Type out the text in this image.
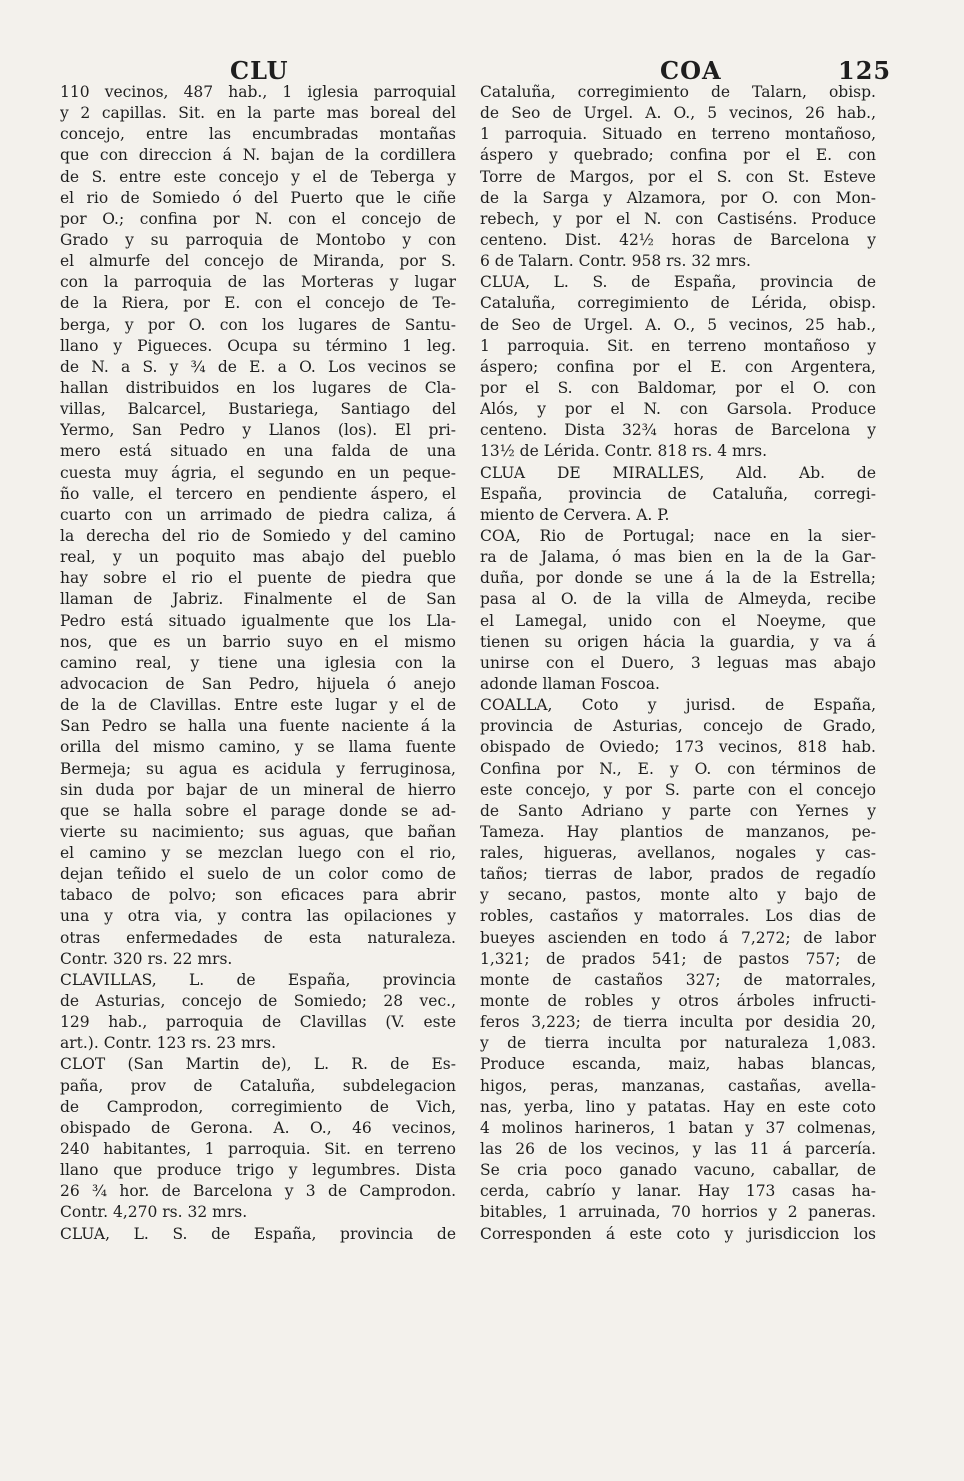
CLU	COA	125
110 vecinos, 487 hab., 1 iglesia parroquial
y 2 capillas. Sit. en la parte mas boreal del
concejo, entre las encumbradas montañas
que con direccion á N. bajan de la cordillera
de S. entre este concejo y el de Teberga y
el rio de Somiedo ó del Puerto que le ciñe
por O.; confina por N. con el concejo de
Grado y su parroquia de Montobo y con
el almurfe del concejo de Miranda, por S.
con la parroquia de las Morteras y lugar
de la Riera, por E. con el concejo de Te-
berga, y por O. con los lugares de Santu-
llano y Pigueces. Ocupa su término 1 leg.
de N. a S. y ¾ de E. a O. Los vecinos se
hallan distribuidos en los lugares de Cla-
villas, Balcarcel, Bustariega, Santiago del
Yermo, San Pedro y Llanos (los). El pri-
mero está situado en una falda de una
cuesta muy ágria, el segundo en un peque-
ño valle, el tercero en pendiente áspero, el
cuarto con un arrimado de piedra caliza, á
la derecha del rio de Somiedo y del camino
real, y un poquito mas abajo del pueblo
hay sobre el rio el puente de piedra que
llaman de Jabriz. Finalmente el de San
Pedro está situado igualmente que los Lla-
nos, que es un barrio suyo en el mismo
camino real, y tiene una iglesia con la
advocacion de San Pedro, hijuela ó anejo
de la de Clavillas. Entre este lugar y el de
San Pedro se halla una fuente naciente á la
orilla del mismo camino, y se llama fuente
Bermeja; su agua es acidula y ferruginosa,
sin duda por bajar de un mineral de hierro
que se halla sobre el parage donde se ad-
vierte su nacimiento; sus aguas, que bañan
el camino y se mezclan luego con el rio,
dejan teñido el suelo de un color como de
tabaco de polvo; son eficaces para abrir
una y otra via, y contra las opilaciones y
otras enfermedades de esta naturaleza.
Contr. 320 rs. 22 mrs.
CLAVILLAS, L. de España, provincia
de Asturias, concejo de Somiedo; 28 vec.,
129 hab., parroquia de Clavillas (V. este
art.). Contr. 123 rs. 23 mrs.
CLOT (San Martin de), L. R. de Es-
paña, prov de Cataluña, subdelegacion
de Camprodon, corregimiento de Vich,
obispado de Gerona. A. O., 46 vecinos,
240 habitantes, 1 parroquia. Sit. en terreno
llano que produce trigo y legumbres. Dista
26 ¾ hor. de Barcelona y 3 de Camprodon.
Contr. 4,270 rs. 32 mrs.
CLUA, L. S. de España, provincia de
Cataluña, corregimiento de Talarn, obisp.
de Seo de Urgel. A. O., 5 vecinos, 26 hab.,
1 parroquia. Situado en terreno montañoso,
áspero y quebrado; confina por el E. con
Torre de Margos, por el S. con St. Esteve
de la Sarga y Alzamora, por O. con Mon-
rebech, y por el N. con Castiséns. Produce
centeno. Dist. 42½ horas de Barcelona y
6 de Talarn. Contr. 958 rs. 32 mrs.
CLUA, L. S. de España, provincia de
Cataluña, corregimiento de Lérida, obisp.
de Seo de Urgel. A. O., 5 vecinos, 25 hab.,
1 parroquia. Sit. en terreno montañoso y
áspero; confina por el E. con Argentera,
por el S. con Baldomar, por el O. con
Alós, y por el N. con Garsola. Produce
centeno. Dista 32¾ horas de Barcelona y
13½ de Lérida. Contr. 818 rs. 4 mrs.
CLUA DE MIRALLES, Ald. Ab. de
España, provincia de Cataluña, corregi-
miento de Cervera. A. P.
COA, Rio de Portugal; nace en la sier-
ra de Jalama, ó mas bien en la de la Gar-
duña, por donde se une á la de la Estrella;
pasa al O. de la villa de Almeyda, recibe
el Lamegal, unido con el Noeyme, que
tienen su origen hácia la guardia, y va á
unirse con el Duero, 3 leguas mas abajo
adonde llaman Foscoa.
COALLA, Coto y jurisd. de España,
provincia de Asturias, concejo de Grado,
obispado de Oviedo; 173 vecinos, 818 hab.
Confina por N., E. y O. con términos de
este concejo, y por S. parte con el concejo
de Santo Adriano y parte con Yernes y
Tameza. Hay plantios de manzanos, pe-
rales, higueras, avellanos, nogales y cas-
taños; tierras de labor, prados de regadío
y secano, pastos, monte alto y bajo de
robles, castaños y matorrales. Los dias de
bueyes ascienden en todo á 7,272; de labor
1,321; de prados 541; de pastos 757; de
monte de castaños 327; de matorrales,
monte de robles y otros árboles infructi-
feros 3,223; de tierra inculta por desidia 20,
y de tierra inculta por naturaleza 1,083.
Produce escanda, maiz, habas blancas,
higos, peras, manzanas, castañas, avella-
nas, yerba, lino y patatas. Hay en este coto
4 molinos harineros, 1 batan y 37 colmenas,
las 26 de los vecinos, y las 11 á parcería.
Se cria poco ganado vacuno, caballar, de
cerda, cabrío y lanar. Hay 173 casas ha-
bitables, 1 arruinada, 70 horrios y 2 paneras.
Corresponden á este coto y jurisdiccion los
